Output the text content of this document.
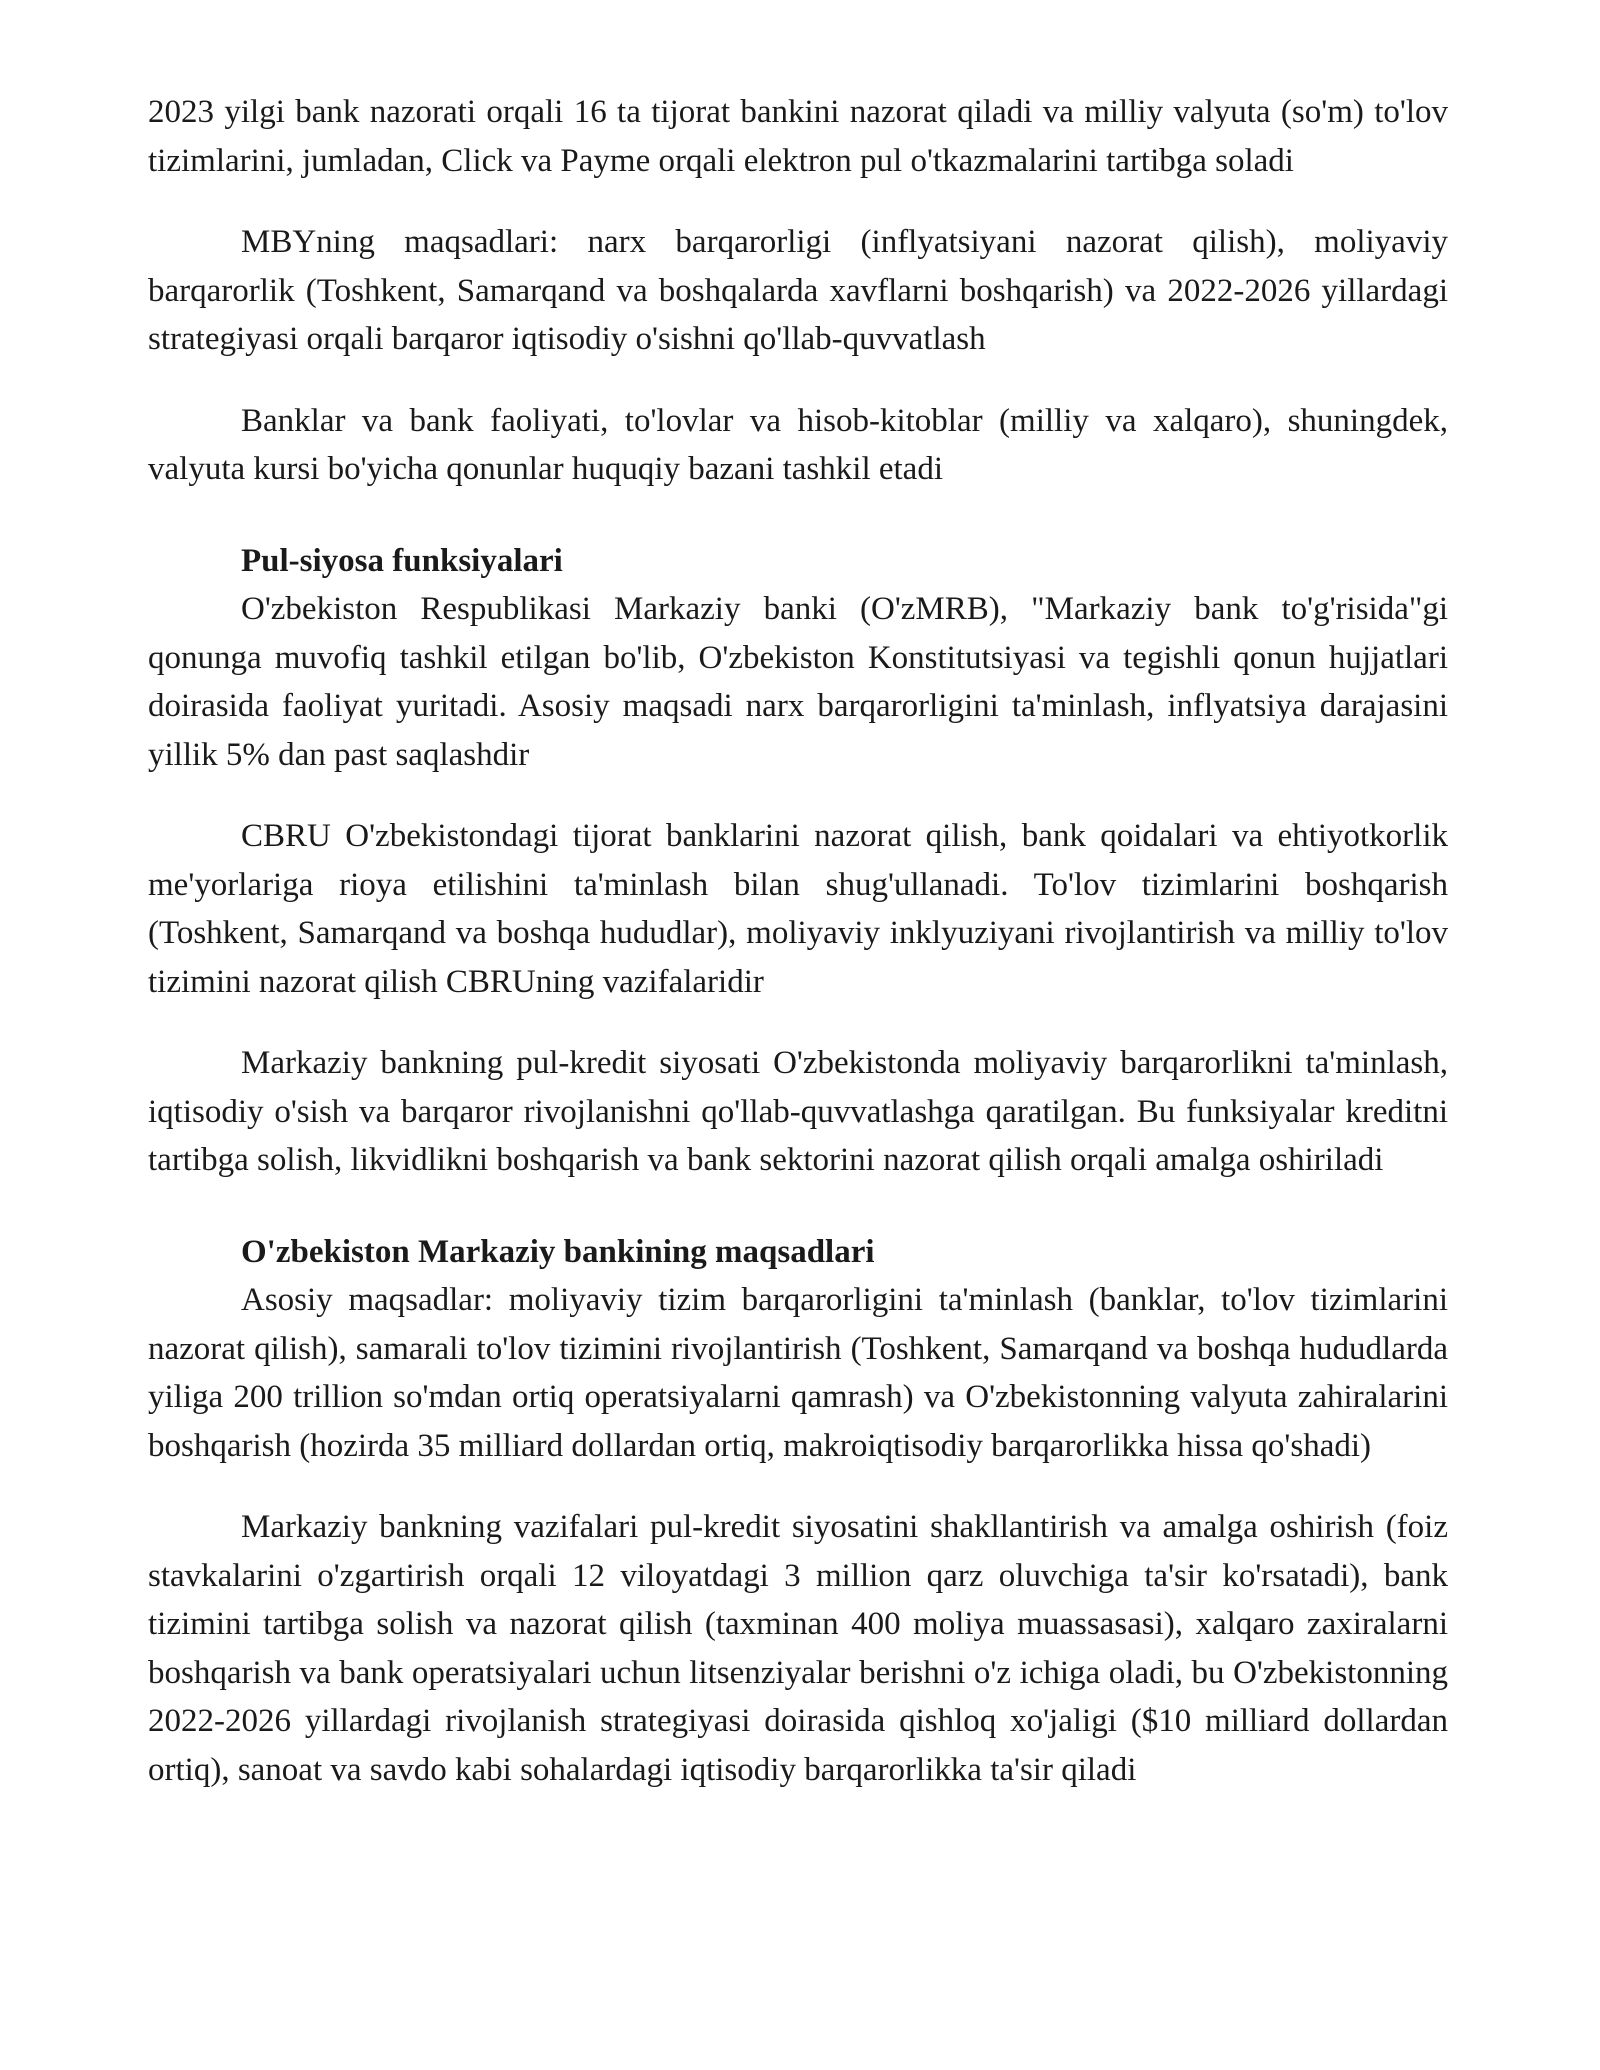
2023 yilgi bank nazorati orqali 16 ta tijorat bankini nazorat qiladi va milliy valyuta (so'm) to'lov tizimlarini, jumladan, Click va Payme orqali elektron pul o'tkazmalarini tartibga soladi

MBYning maqsadlari: narx barqarorligi (inflyatsiyani nazorat qilish), moliyaviy barqarorlik (Toshkent, Samarqand va boshqalarda xavflarni boshqarish) va 2022-2026 yillardagi strategiyasi orqali barqaror iqtisodiy o'sishni qo'llab-quvvatlash

Banklar va bank faoliyati, to'lovlar va hisob-kitoblar (milliy va xalqaro), shuningdek, valyuta kursi bo'yicha qonunlar huquqiy bazani tashkil etadi

Pul-siyosa funksiyalari

O'zbekiston Respublikasi Markaziy banki (O'zMRB), "Markaziy bank to'g'risida"gi qonunga muvofiq tashkil etilgan bo'lib, O'zbekiston Konstitutsiyasi va tegishli qonun hujjatlari doirasida faoliyat yuritadi. Asosiy maqsadi narx barqarorligini ta'minlash, inflyatsiya darajasini yillik 5% dan past saqlashdir

CBRU O'zbekistondagi tijorat banklarini nazorat qilish, bank qoidalari va ehtiyotkorlik me'yorlariga rioya etilishini ta'minlash bilan shug'ullanadi. To'lov tizimlarini boshqarish (Toshkent, Samarqand va boshqa hududlar), moliyaviy inklyuziyani rivojlantirish va milliy to'lov tizimini nazorat qilish CBRUning vazifalaridir

Markaziy bankning pul-kredit siyosati O'zbekistonda moliyaviy barqarorlikni ta'minlash, iqtisodiy o'sish va barqaror rivojlanishni qo'llab-quvvatlashga qaratilgan. Bu funksiyalar kreditni tartibga solish, likvidlikni boshqarish va bank sektorini nazorat qilish orqali amalga oshiriladi

O'zbekiston Markaziy bankining maqsadlari

Asosiy maqsadlar: moliyaviy tizim barqarorligini ta'minlash (banklar, to'lov tizimlarini nazorat qilish), samarali to'lov tizimini rivojlantirish (Toshkent, Samarqand va boshqa hududlarda yiliga 200 trillion so'mdan ortiq operatsiyalarni qamrash) va O'zbekistonning valyuta zahiralarini boshqarish (hozirda 35 milliard dollardan ortiq, makroiqtisodiy barqarorlikka hissa qo'shadi)

Markaziy bankning vazifalari pul-kredit siyosatini shakllantirish va amalga oshirish (foiz stavkalarini o'zgartirish orqali 12 viloyatdagi 3 million qarz oluvchiga ta'sir ko'rsatadi), bank tizimini tartibga solish va nazorat qilish (taxminan 400 moliya muassasasi), xalqaro zaxiralarni boshqarish va bank operatsiyalari uchun litsenziyalar berishni o'z ichiga oladi, bu O'zbekistonning 2022-2026 yillardagi rivojlanish strategiyasi doirasida qishloq xo'jaligi ($10 milliard dollardan ortiq), sanoat va savdo kabi sohalardagi iqtisodiy barqarorlikka ta'sir qiladi
